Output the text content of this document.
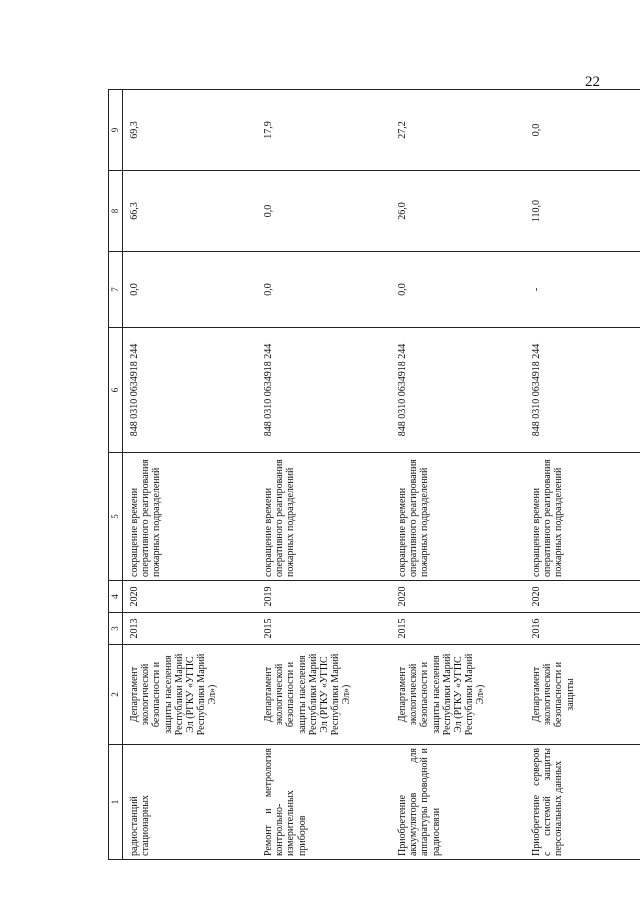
22
1	2	3	4	5	6	7	8	9
радиостанций стационарных	Департамент экологической безопасности и защиты населения Республики Марий Эл (РГКУ «УГПС Республики Марий Эл»)	2013	2020	сокращение времени оперативного реагирования пожарных подразделений	848 0310 0634918 244	0,0	66,3	69,3
Ремонт и метрология контрольно-измерительных приборов	Департамент экологической безопасности и защиты населения Республики Марий Эл (РГКУ «УГПС Республики Марий Эл»)	2015	2019	сокращение времени оперативного реагирования пожарных подразделений	848 0310 0634918 244	0,0	0,0	17,9
Приобретение аккумуляторов для аппаратуры проводной и радиосвязи	Департамент экологической безопасности и защиты населения Республики Марий Эл (РГКУ «УГПС Республики Марий Эл»)	2015	2020	сокращение времени оперативного реагирования пожарных подразделений	848 0310 0634918 244	0,0	26,0	27,2
Приобретение серверов с системой защиты персональных данных	Департамент экологической безопасности и защиты	2016	2020	сокращение времени оперативного реагирования пожарных подразделений	848 0310 0634918 244	-	110,0	0,0
